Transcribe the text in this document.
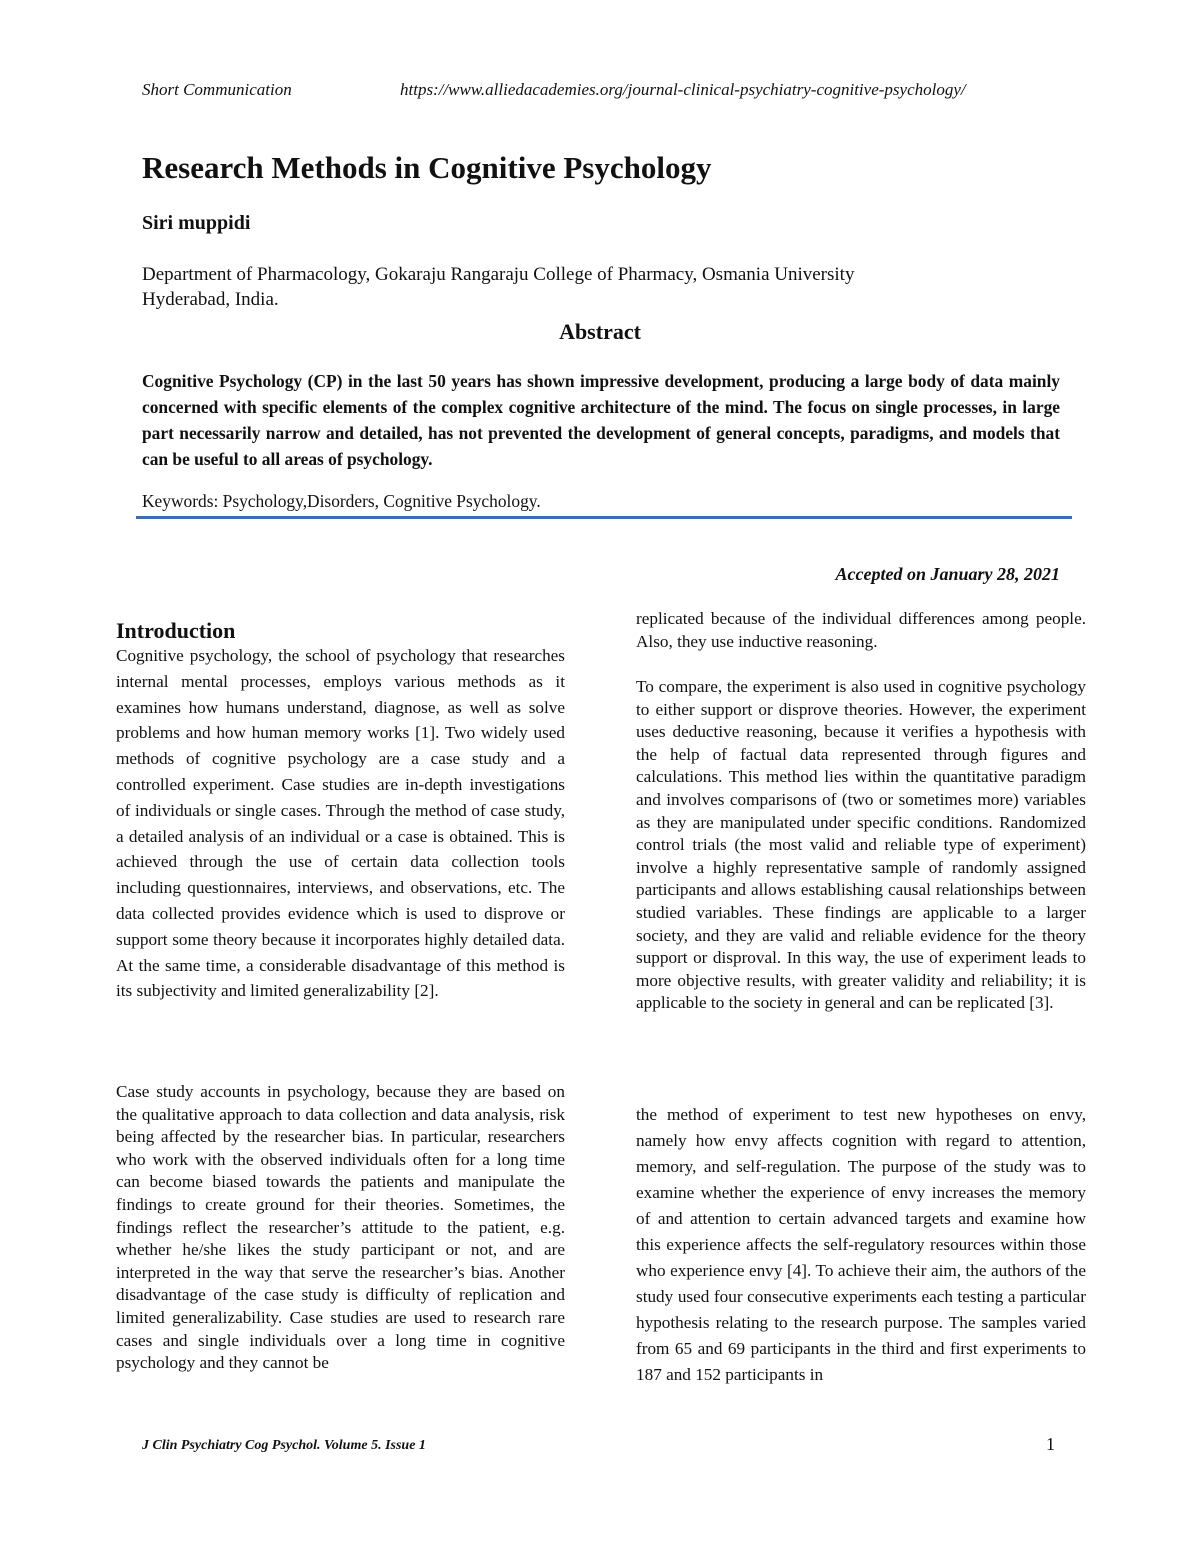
Short Communication	https://www.alliedacademies.org/journal-clinical-psychiatry-cognitive-psychology/
Research Methods in Cognitive Psychology
Siri muppidi
Department of Pharmacology, Gokaraju Rangaraju College of Pharmacy, Osmania University
Hyderabad, India.
Abstract
Cognitive Psychology (CP) in the last 50 years has shown impressive development, producing a large body of data mainly concerned with specific elements of the complex cognitive architecture of the mind. The focus on single processes, in large part necessarily narrow and detailed, has not prevented the development of general concepts, paradigms, and models that can be useful to all areas of psychology.
Keywords: Psychology,Disorders, Cognitive Psychology.
Accepted on January 28, 2021
Introduction

Cognitive psychology, the school of psychology that researches internal mental processes, employs various methods as it examines how humans understand, diagnose, as well as solve problems and how human memory works [1]. Two widely used methods of cognitive psychology are a case study and a controlled experiment. Case studies are in-depth investigations of individuals or single cases. Through the method of case study, a detailed analysis of an individual or a case is obtained. This is achieved through the use of certain data collection tools including questionnaires, interviews, and observations, etc. The data collected provides evidence which is used to disprove or support some theory because it incorporates highly detailed data. At the same time, a considerable disadvantage of this method is its subjectivity and limited generalizability [2].

Case study accounts in psychology, because they are based on the qualitative approach to data collection and data analysis, risk being affected by the researcher bias. In particular, researchers who work with the observed individuals often for a long time can become biased towards the patients and manipulate the findings to create ground for their theories. Sometimes, the findings reflect the researcher’s attitude to the patient, e.g. whether he/she likes the study participant or not, and are interpreted in the way that serve the researcher’s bias. Another disadvantage of the case study is difficulty of replication and limited generalizability. Case studies are used to research rare cases and single individuals over a long time in cognitive psychology and they cannot be

replicated because of the individual differences among people. Also, they use inductive reasoning.

To compare, the experiment is also used in cognitive psychology to either support or disprove theories. However, the experiment uses deductive reasoning, because it verifies a hypothesis with the help of factual data represented through figures and calculations. This method lies within the quantitative paradigm and involves comparisons of (two or sometimes more) variables as they are manipulated under specific conditions. Randomized control trials (the most valid and reliable type of experiment) involve a highly representative sample of randomly assigned participants and allows establishing causal relationships between studied variables. These findings are applicable to a larger society, and they are valid and reliable evidence for the theory support or disproval. In this way, the use of experiment leads to more objective results, with greater validity and reliability; it is applicable to the society in general and can be replicated [3].

the method of experiment to test new hypotheses on envy, namely how envy affects cognition with regard to attention, memory, and self-regulation. The purpose of the study was to examine whether the experience of envy increases the memory of and attention to certain advanced targets and examine how this experience affects the self-regulatory resources within those who experience envy [4]. To achieve their aim, the authors of the study used four consecutive experiments each testing a particular hypothesis relating to the research purpose. The samples varied from 65 and 69 participants in the third and first experiments to 187 and 152 participants in

J Clin Psychiatry Cog Psychol. Volume 5. Issue 1	1
